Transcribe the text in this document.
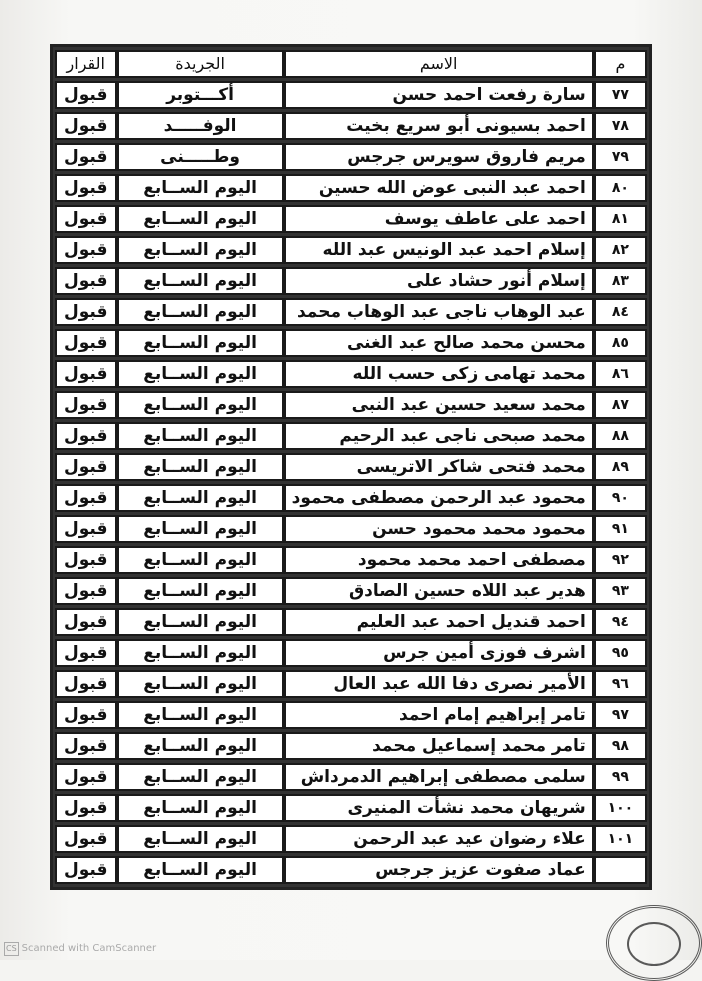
م	الاسم	الجريدة	القرار
٧٧	سارة رفعت احمد حسن	أكـــتوبر	قبول
٧٨	احمد بسيونى أبو سريع بخيت	الوفـــــد	قبول
٧٩	مريم فاروق سويرس جرجس	وطـــــنى	قبول
٨٠	احمد عبد النبى عوض الله حسين	اليوم الســابع	قبول
٨١	احمد على عاطف يوسف	اليوم الســابع	قبول
٨٢	إسلام احمد عبد الونيس عبد الله	اليوم الســابع	قبول
٨٣	إسلام أنور حشاد على	اليوم الســابع	قبول
٨٤	عبد الوهاب ناجى عبد الوهاب محمد	اليوم الســابع	قبول
٨٥	محسن محمد صالح عبد الغنى	اليوم الســابع	قبول
٨٦	محمد تهامى زكى حسب الله	اليوم الســابع	قبول
٨٧	محمد سعيد حسين عبد النبى	اليوم الســابع	قبول
٨٨	محمد صبحى ناجى عبد الرحيم	اليوم الســابع	قبول
٨٩	محمد فتحى شاكر الاتريسى	اليوم الســابع	قبول
٩٠	محمود عبد الرحمن مصطفى محمود	اليوم الســابع	قبول
٩١	محمود محمد محمود حسن	اليوم الســابع	قبول
٩٢	مصطفى احمد محمد محمود	اليوم الســابع	قبول
٩٣	هدير عبد اللاه حسين الصادق	اليوم الســابع	قبول
٩٤	احمد قنديل احمد عبد العليم	اليوم الســابع	قبول
٩٥	اشرف فوزى أمين جرس	اليوم الســابع	قبول
٩٦	الأمير نصرى دفا الله عبد العال	اليوم الســابع	قبول
٩٧	تامر إبراهيم إمام احمد	اليوم الســابع	قبول
٩٨	تامر محمد إسماعيل محمد	اليوم الســابع	قبول
٩٩	سلمى مصطفى إبراهيم الدمرداش	اليوم الســابع	قبول
١٠٠	شريهان محمد نشأت المنيرى	اليوم الســابع	قبول
١٠١	علاء رضوان عيد عبد الرحمن	اليوم الســابع	قبول
	عماد صفوت عزيز جرجس	اليوم الســابع	قبول
CS Scanned with CamScanner
